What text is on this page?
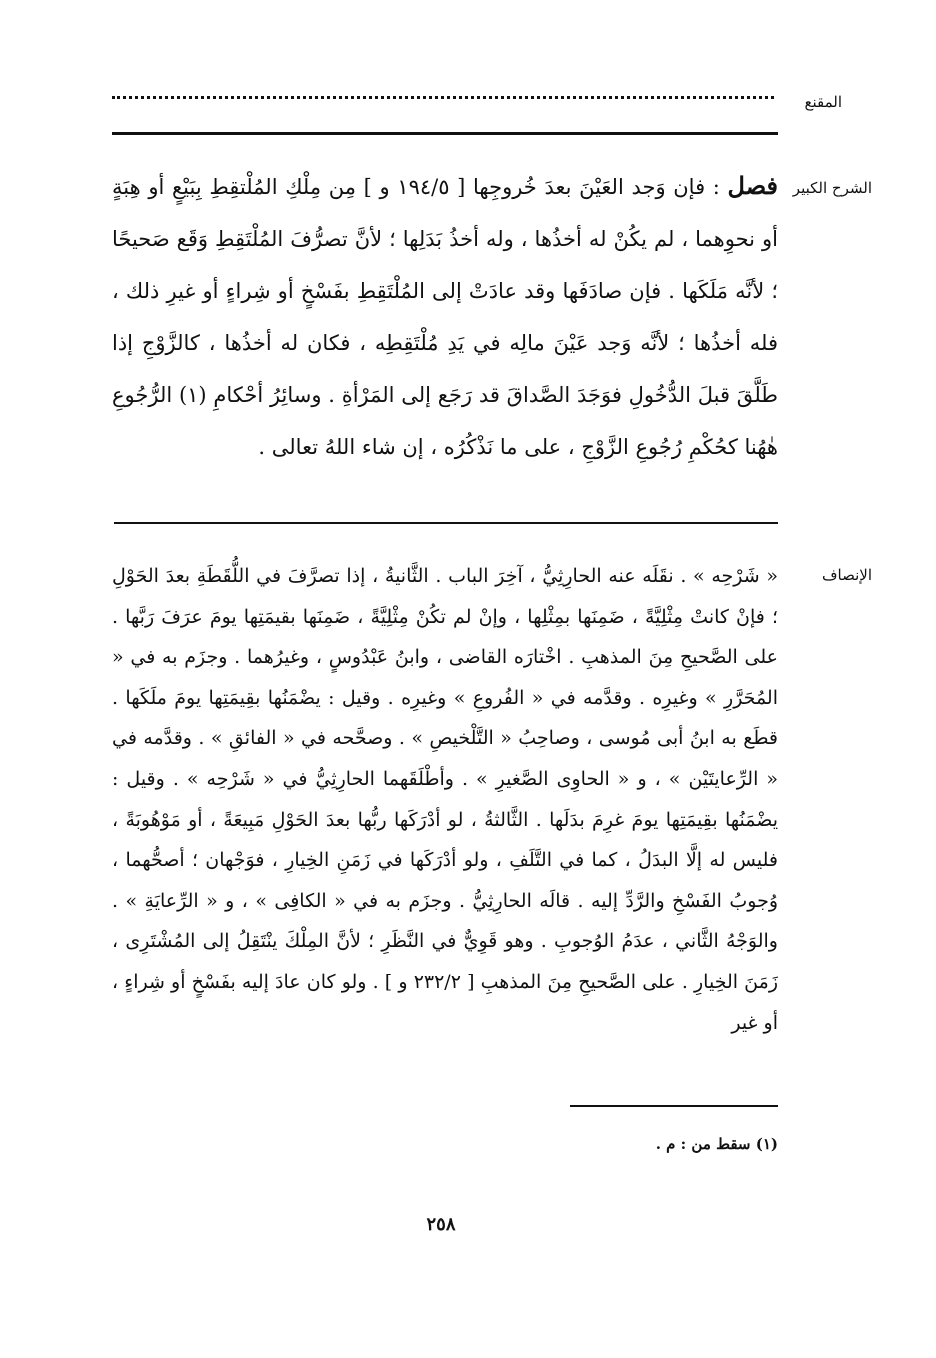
المقنع
الشرح الكبير

فصل : فإن وَجد العَيْنَ بعدَ خُروجِها [ ١٩٤/٥ و ] مِن مِلْكِ المُلْتقِطِ بِبَيْعٍ أو هِبَةٍ أو نحوِهما ، لم يكُنْ له أخذُها ، وله أخذُ بَدَلِها ؛ لأنَّ تصرُّفَ المُلْتَقِطِ وَقَع صَحيحًا ؛ لأنَّه مَلَكَها . فإن صادَفَها وقد عادَتْ إلى المُلْتَقِطِ بفَسْخٍ أو شِراءٍ أو غيرِ ذلك ، فله أخذُها ؛ لأنَّه وَجد عَيْنَ مالِه في يَدِ مُلْتَقِطِه ، فكان له أخذُها ، كالزَّوْجِ إذا طَلَّقَ قبلَ الدُّخُولِ فوَجَدَ الصَّداقَ قد رَجَع إلى المَرْأةِ . وسائِرُ أحْكامِ (١) الرُّجُوعِ هٰهُنا كحُكْمِ رُجُوعِ الزَّوْجِ ، على ما نَذْكُرُه ، إن شاء اللهُ تعالى .

الإنصاف

« شَرْحِه » . نقَلَه عنه الحارِثِيُّ ، آخِرَ الباب . الثَّانيةُ ، إذا تصرَّفَ في اللُّقَطَةِ بعدَ الحَوْلِ ؛ فإنْ كانتْ مِثْلِيَّةً ، ضَمِنَها بمِثْلِها ، وإنْ لم تكُنْ مِثْلِيَّةً ، ضَمِنَها بقيمَتِها يومَ عرَفَ رَبَّها . على الصَّحيحِ مِنَ المذهبِ . اخْتارَه القاضى ، وابنُ عَبْدُوسٍ ، وغيرُهما . وجزَم به في « المُحَرَّرِ » وغيرِه . وقدَّمه في « الفُروعِ » وغيرِه . وقيل : يضْمَنُها بقِيمَتِها يومَ ملَكَها . قطَع به ابنُ أبى مُوسى ، وصاحِبُ « التَّلْخيصِ » . وصحَّحه في « الفائقِ » . وقدَّمه في « الرِّعايتَيْن » ، و « الحاوِى الصَّغيرِ » . وأطْلَقَهما الحارِثِيُّ في « شَرْحِه » . وقيل : يضْمَنُها بقِيمَتِها يومَ غرِمَ بدَلَها . الثَّالثةُ ، لو أدْرَكَها ربُّها بعدَ الحَوْلِ مَبِيعَةً ، أو مَوْهُوبَةً ، فليس له إلَّا البدَلُ ، كما في التَّلَفِ ، ولو أدْرَكَها في زَمَنِ الخِيارِ ، فوَجْهان ؛ أصحُّهما ، وُجوبُ الفَسْخِ والرَّدِّ إليه . قالَه الحارِثِيُّ . وجزَم به في « الكافِى » ، و « الرِّعايَةِ » . والوَجْهُ الثَّاني ، عدَمُ الوُجوبِ . وهو قَوِيٌّ في النَّظَرِ ؛ لأنَّ المِلْكَ ينْتَقِلُ إلى المُشْتَرِى ، زَمَنَ الخِيارِ . على الصَّحيحِ مِنَ المذهبِ [ ٢٣٢/٢ و ] . ولو كان عادَ إليه بفَسْخٍ أو شِراءٍ ، أو غير

(١) سقط من : م .
٢٥٨
